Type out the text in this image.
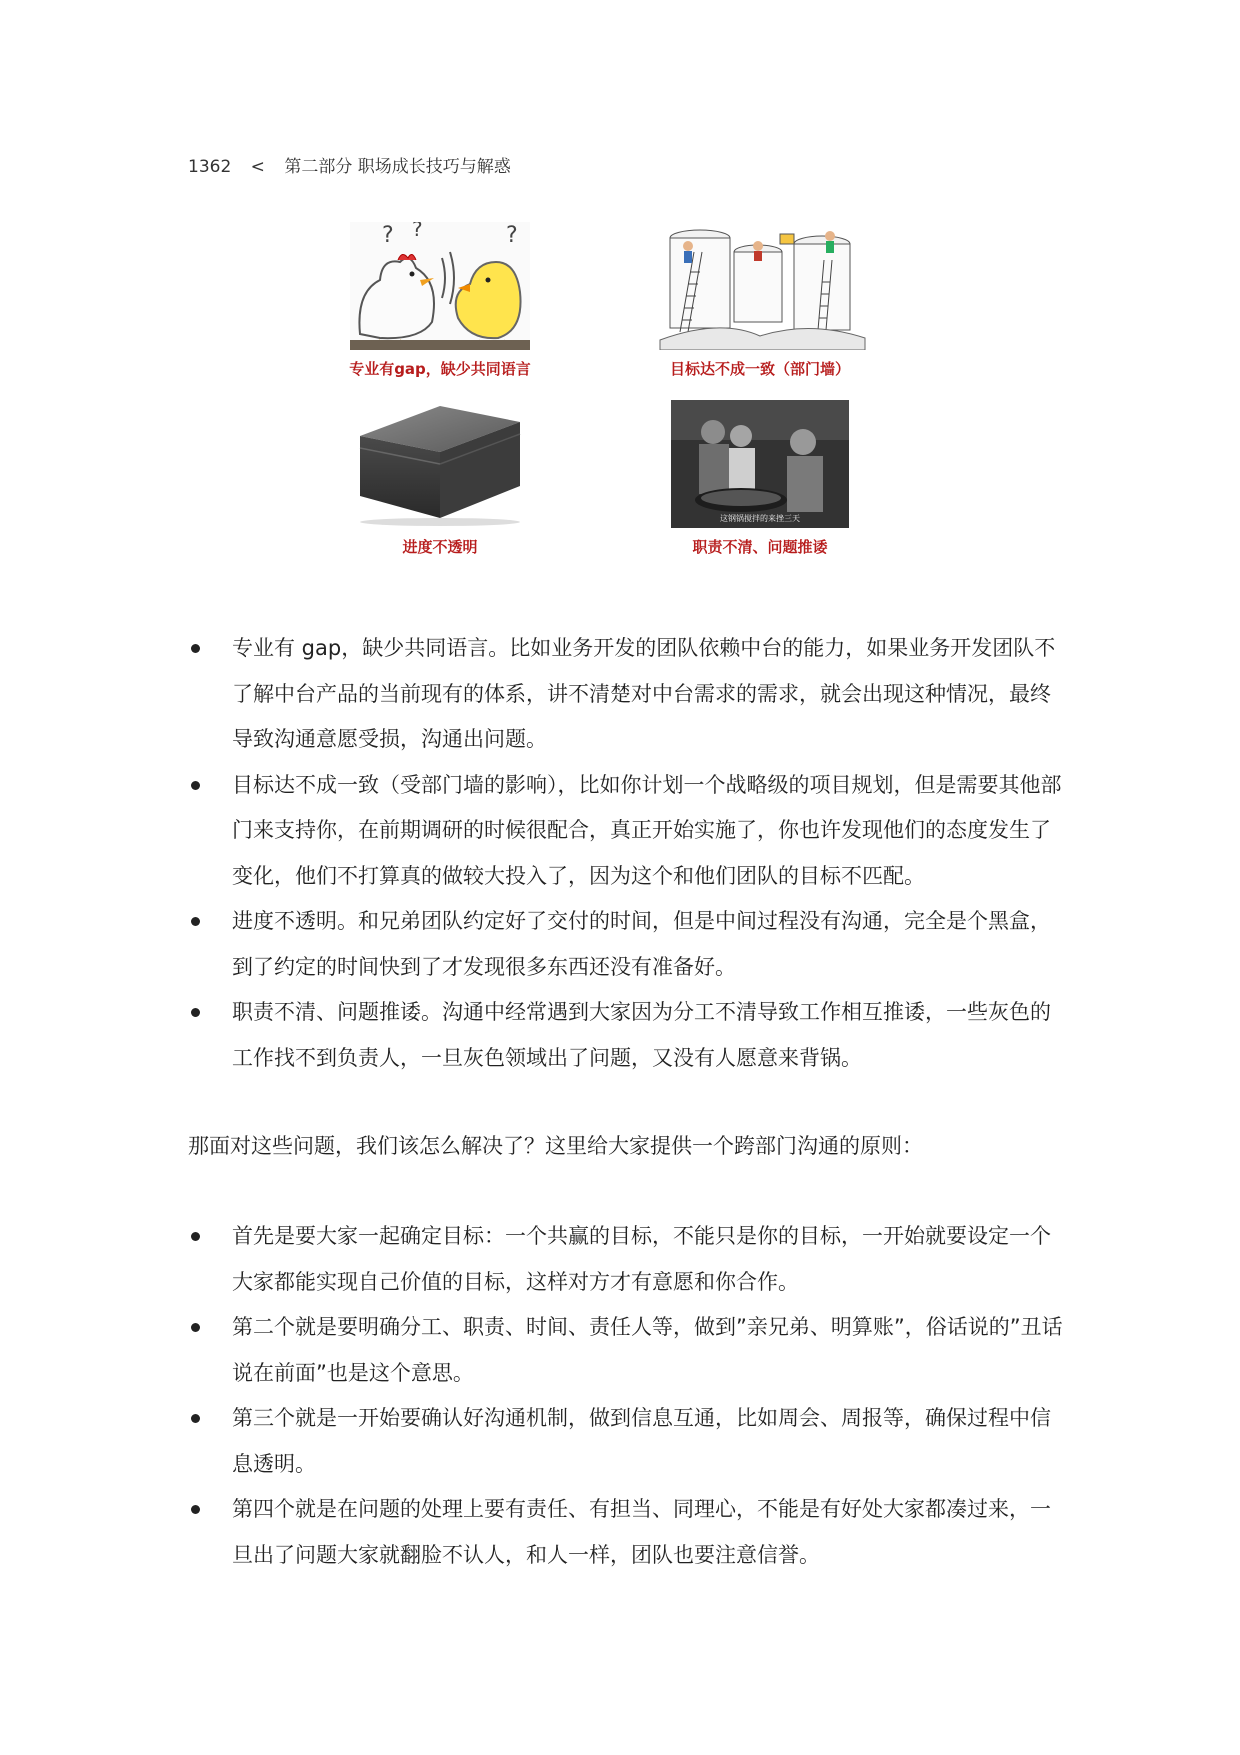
1362 < 第二部分 职场成长技巧与解惑
? ?	?
专业有gap，缺少共同语言	目标达不成一致（部门墙）
进度不透明
这钢锅搅拌的来挫三天
职责不清、问题推诿
专业有 gap，缺少共同语言。比如业务开发的团队依赖中台的能力，如果业务开发团队不了解中台产品的当前现有的体系，讲不清楚对中台需求的需求，就会出现这种情况，最终导致沟通意愿受损，沟通出问题。
目标达不成一致（受部门墙的影响），比如你计划一个战略级的项目规划，但是需要其他部门来支持你，在前期调研的时候很配合，真正开始实施了，你也许发现他们的态度发生了变化，他们不打算真的做较大投入了，因为这个和他们团队的目标不匹配。
进度不透明。和兄弟团队约定好了交付的时间，但是中间过程没有沟通，完全是个黑盒，到了约定的时间快到了才发现很多东西还没有准备好。
职责不清、问题推诿。沟通中经常遇到大家因为分工不清导致工作相互推诿，一些灰色的工作找不到负责人，一旦灰色领域出了问题，又没有人愿意来背锅。
那面对这些问题，我们该怎么解决了？这里给大家提供一个跨部门沟通的原则：
首先是要大家一起确定目标：一个共赢的目标，不能只是你的目标，一开始就要设定一个大家都能实现自己价值的目标，这样对方才有意愿和你合作。
第二个就是要明确分工、职责、时间、责任人等，做到”亲兄弟、明算账”，俗话说的”丑话说在前面”也是这个意思。
第三个就是一开始要确认好沟通机制，做到信息互通，比如周会、周报等，确保过程中信息透明。
第四个就是在问题的处理上要有责任、有担当、同理心，不能是有好处大家都凑过来，一旦出了问题大家就翻脸不认人，和人一样，团队也要注意信誉。
